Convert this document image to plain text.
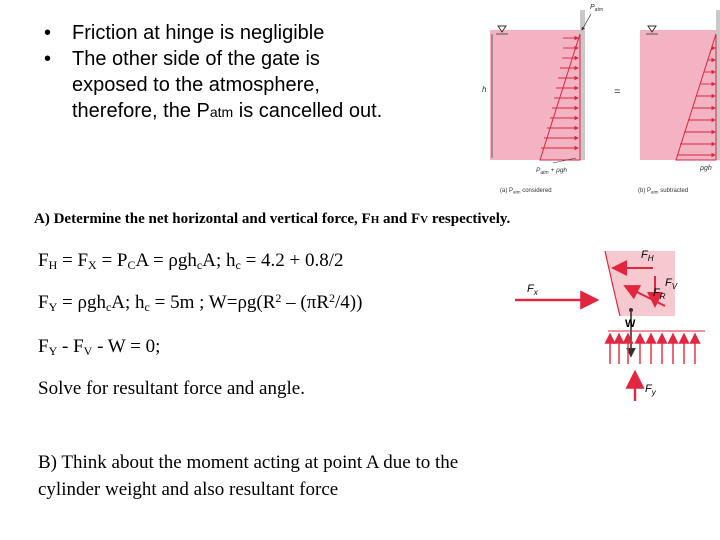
• Friction at hinge is negligible

• The other side of the gate is exposed to the atmosphere, therefore, the Patm is cancelled out.

h
$P_{atm}$
$P_{atm} + \rho gh$
=
ρgh
(a) $P_{atm}$ considered	(b) $P_{atm}$ subtracted
A) Determine the net horizontal and vertical force, FH and FV respectively.
FH = FX = PCA = ρghcA; hc = 4.2 + 0.8/2
FY = ρghcA; hc = 5m ; $W=\rho g(R^2 - (\pi R^2/4))$
FY - FV - W = 0;
Solve for resultant force and angle.
B) Think about the moment acting at point A due to the cylinder weight and also resultant force
$F_H$
$F_V$
$F_R$
$F_x$
W
$F_y$
